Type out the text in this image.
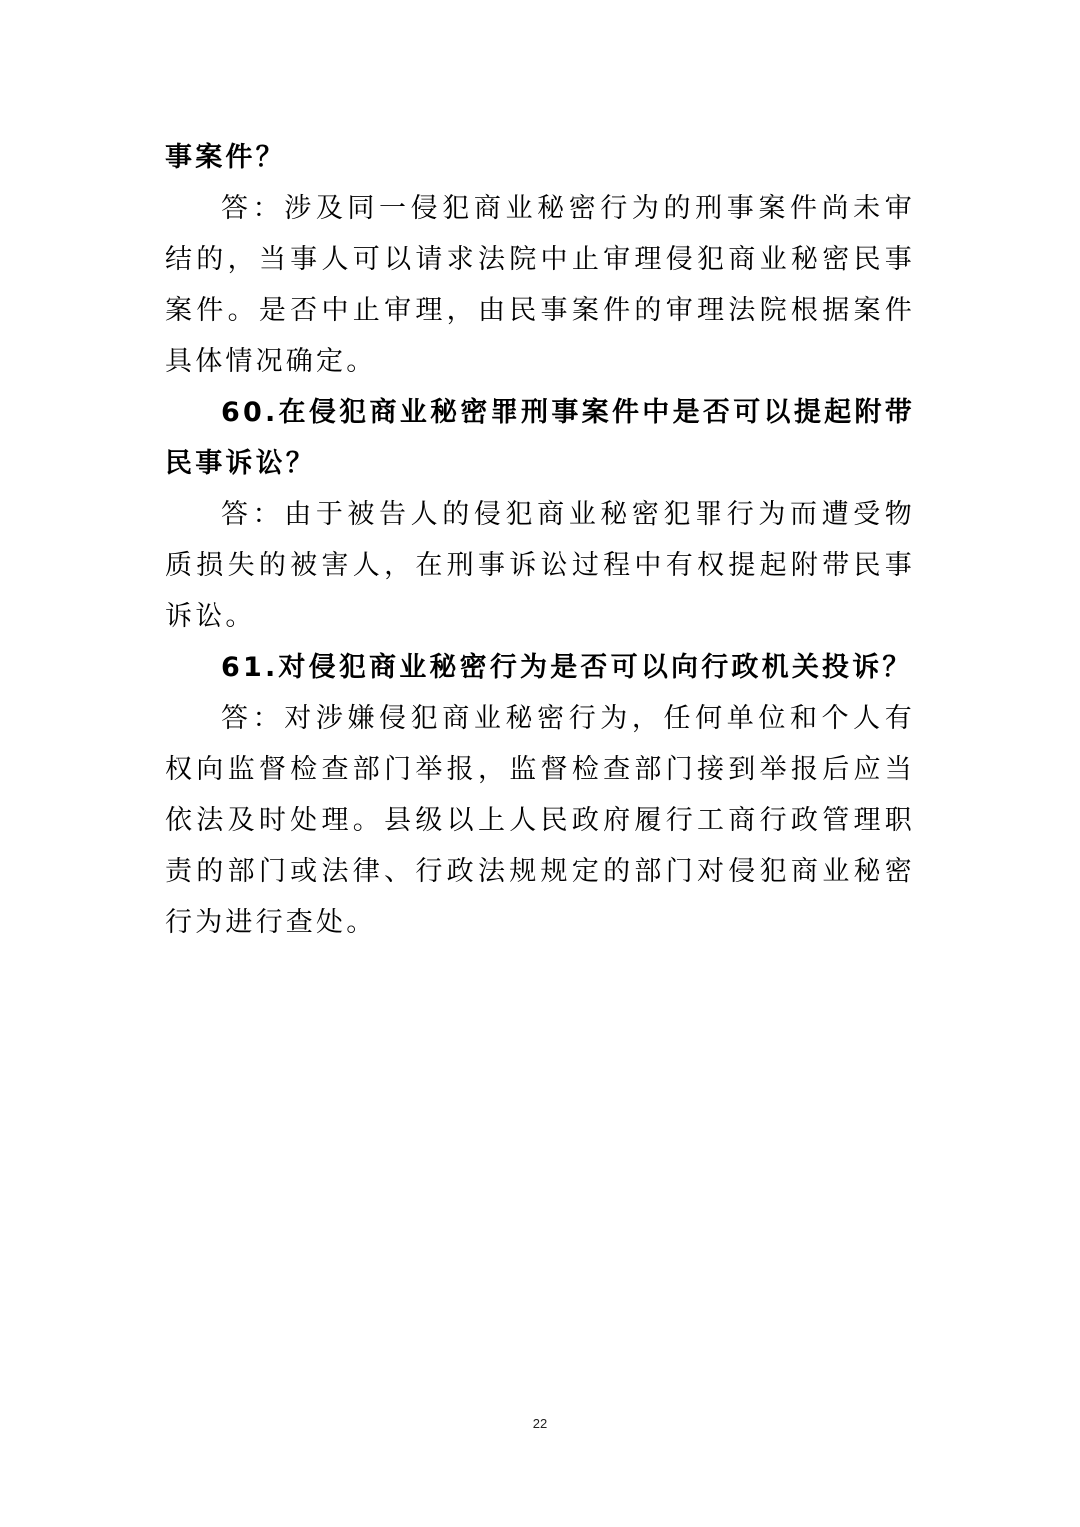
事案件？

答：涉及同一侵犯商业秘密行为的刑事案件尚未审结的，当事人可以请求法院中止审理侵犯商业秘密民事案件。是否中止审理，由民事案件的审理法院根据案件具体情况确定。

60.在侵犯商业秘密罪刑事案件中是否可以提起附带民事诉讼？

答：由于被告人的侵犯商业秘密犯罪行为而遭受物质损失的被害人，在刑事诉讼过程中有权提起附带民事诉讼。

61.对侵犯商业秘密行为是否可以向行政机关投诉？

答：对涉嫌侵犯商业秘密行为，任何单位和个人有权向监督检查部门举报，监督检查部门接到举报后应当依法及时处理。县级以上人民政府履行工商行政管理职责的部门或法律、行政法规规定的部门对侵犯商业秘密行为进行查处。

22
